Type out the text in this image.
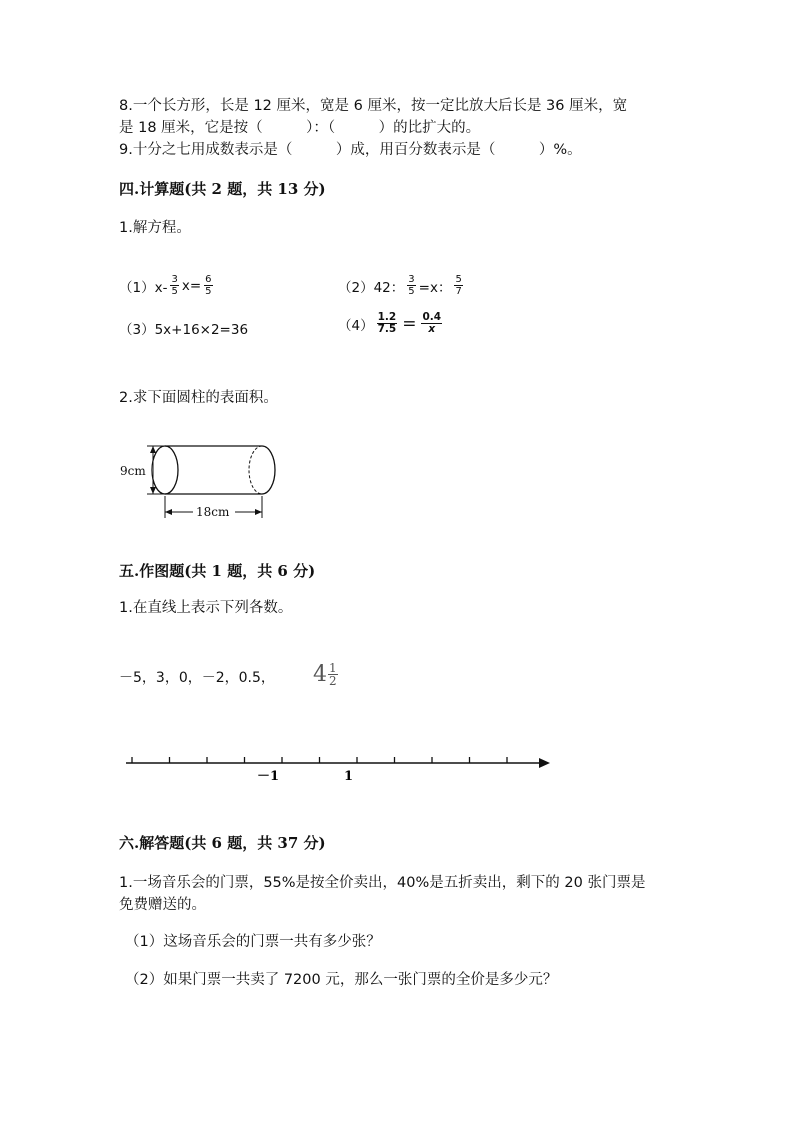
8.一个长方形，长是 12 厘米，宽是 6 厘米，按一定比放大后长是 36 厘米，宽
是 18 厘米，它是按（　　　）：（　　　）的比扩大的。
9.十分之七用成数表示是（　　　）成，用百分数表示是（　　　）%。
四.计算题(共 2 题，共 13 分)
1.解方程。
$(1)x- \frac{3}{5} x= \frac{6}{5}$	（2）42： $\frac{3}{5} =x$： $\frac{5}{7}$
（3）5x+16×2=36	$(4) \frac{1.2}{7.5} = \frac{0.4}{x}$
2.求下面圆柱的表面积。
9cm
18cm
五.作图题(共 1 题，共 6 分)
1.在直线上表示下列各数。
－5，3，0，－2，0.5， $4 \frac{1}{2}$
－1	1
六.解答题(共 6 题，共 37 分)
1.一场音乐会的门票，55%是按全价卖出，40%是五折卖出，剩下的 20 张门票是
免费赠送的。
（1）这场音乐会的门票一共有多少张？
（2）如果门票一共卖了 7200 元，那么一张门票的全价是多少元？
